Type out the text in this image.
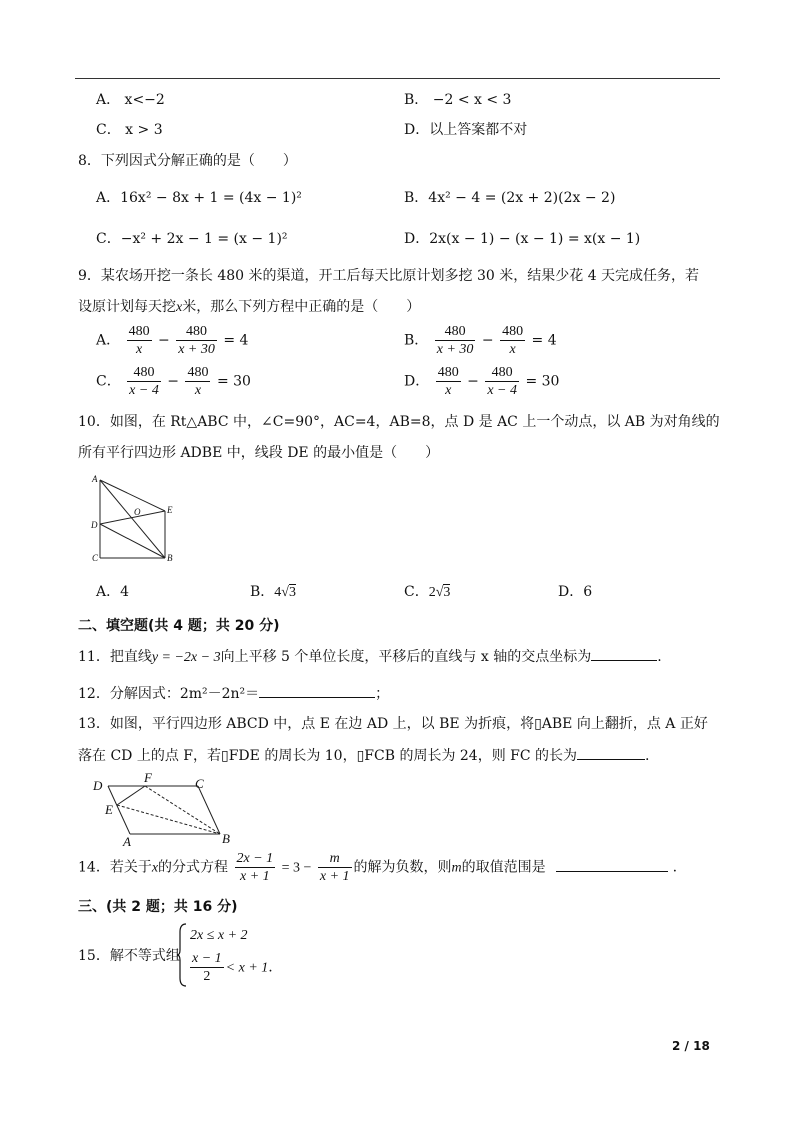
A． x<−2	B． −2 < x < 3
C． x > 3	D．以上答案都不对
8．下列因式分解正确的是（　　）
A．16x² − 8x + 1 = (4x − 1)²	B．4x² − 4 = (2x + 2)(2x − 2)
C．−x² + 2x − 1 = (x − 1)²	D．2x(x − 1) − (x − 1) = x(x − 1)
9．某农场开挖一条长 480 米的渠道，开工后每天比原计划多挖 30 米，结果少花 4 天完成任务，若
设原计划每天挖x米，那么下列方程中正确的是（　　）
A． $\frac{480}{x} - \frac{480}{x + 30} = 4$	B． $\frac{480}{x + 30} - \frac{480}{x} = 4$
C． $\frac{480}{x - 4} - \frac{480}{x} = 30$	D． $\frac{480}{x} - \frac{480}{x - 4} = 30$
10．如图，在 Rt△ABC 中，∠C=90°，AC=4，AB=8，点 D 是 AC 上一个动点，以 AB 为对角线的
所有平行四边形 ADBE 中，线段 DE 的最小值是（　　）
A
D
C
O	E
B
A．4	B．4√3	C．2√3	D．6
二、填空题(共 4 题；共 20 分)
11．把直线y = −2x − 3向上平移 5 个单位长度，平移后的直线与 x 轴的交点坐标为	.
12．分解因式：2m²－2n²＝	；
13．如图，平行四边形 ABCD 中，点 E 在边 AD 上，以 BE 为折痕，将▯ABE 向上翻折，点 A 正好
落在 CD 上的点 F，若▯FDE 的周长为 10，▯FCB 的周长为 24，则 FC 的长为	.
D
F	C
E
A	B
14．若关于x的分式方程 $\frac{2x - 1}{x + 1} = 3 - \frac{m}{x + 1}$ 的解为负数，则m的取值范围是	.
三、(共 2 题；共 16 分)
15．解不等式组
2x ≤ x + 2
$\frac{x - 1}{2} < x + 1$.
2 / 18
